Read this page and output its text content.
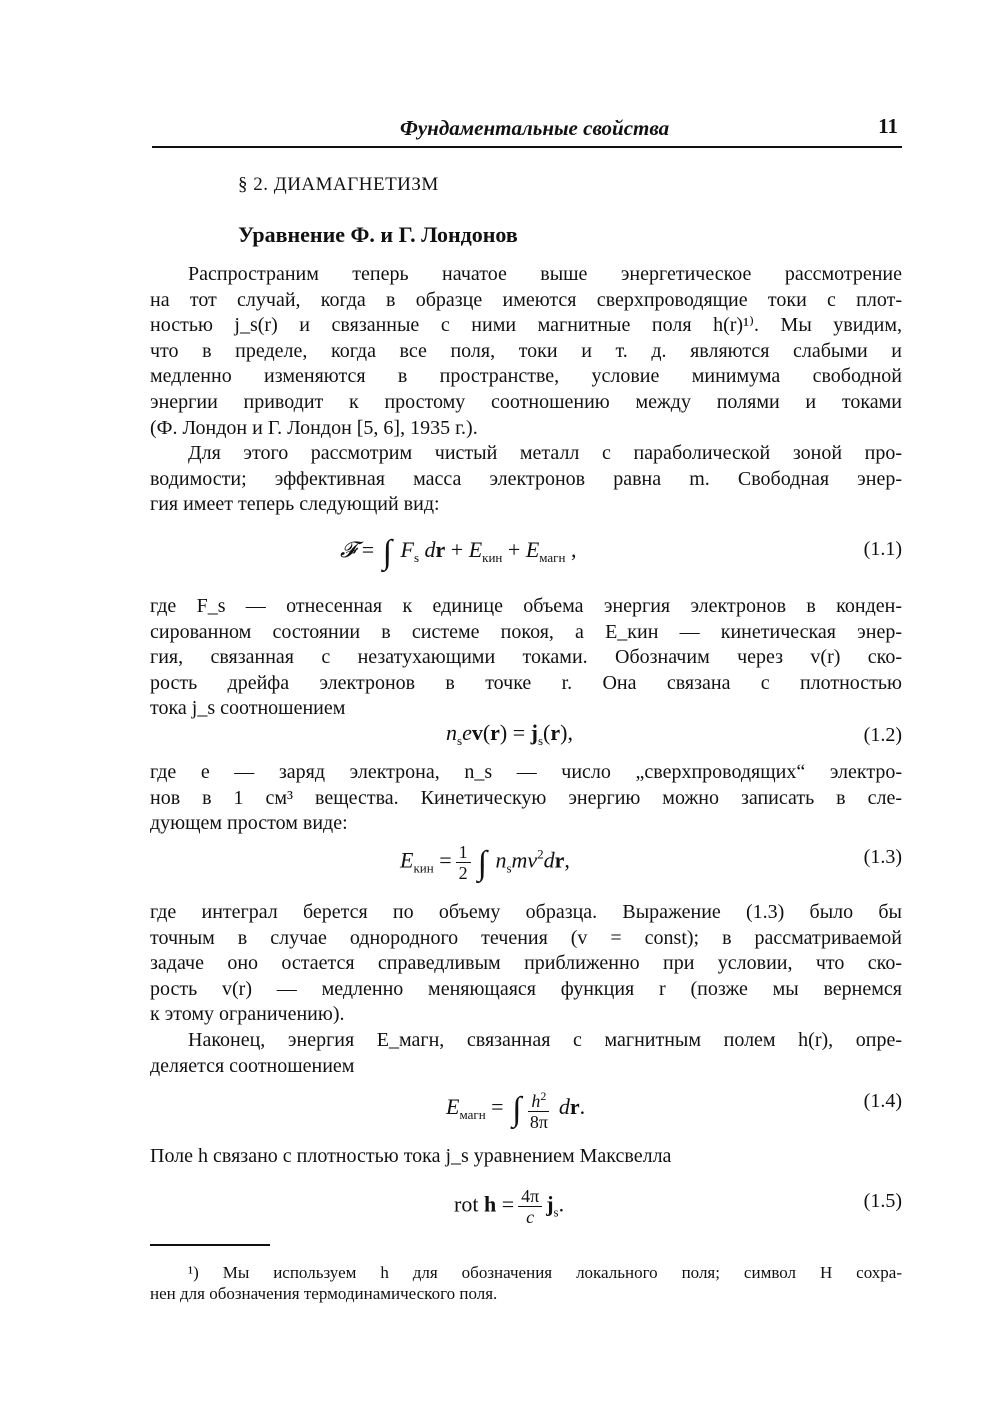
Фундаментальные свойства	11
§ 2. ДИАМАГНЕТИЗМ
Уравнение Ф. и Г. Лондонов
Распространим теперь начатое выше энергетическое рассмотрение
на тот случай, когда в образце имеются сверхпроводящие токи с плот-
ностью j_s(r) и связанные с ними магнитные поля h(r)¹⁾. Мы увидим,
что в пределе, когда все поля, токи и т. д. являются слабыми и
медленно изменяются в пространстве, условие минимума свободной
энергии приводит к простому соотношению между полями и токами
(Ф. Лондон и Г. Лондон [5, 6], 1935 г.).
Для этого рассмотрим чистый металл с параболической зоной про-
водимости; эффективная масса электронов равна m. Свободная энер-
гия имеет теперь следующий вид:
𝓕 = ∫ $F_s$ dr + $E_{кин} + E_{магн}$ ,	(1.1)
где F_s — отнесенная к единице объема энергия электронов в конден-
сированном состоянии в системе покоя, а E_кин — кинетическая энер-
гия, связанная с незатухающими токами. Обозначим через v(r) ско-
рость дрейфа электронов в точке r. Она связана с плотностью
тока j_s соотношением
$n_sev(r) = j_s(r)$,	(1.2)
где e — заряд электрона, n_s — число „сверхпроводящих“ электро-
нов в 1 см³ вещества. Кинетическую энергию можно записать в сле-
дующем простом виде:
$E_{кин} = \frac{1}{2}$ ∫ $n_smv^2dr$,	(1.3)
где интеграл берется по объему образца. Выражение (1.3) было бы
точным в случае однородного течения (v = const); в рассматриваемой
задаче оно остается справедливым приближенно при условии, что ско-
рость v(r) — медленно меняющаяся функция r (позже мы вернемся
к этому ограничению).
Наконец, энергия E_магн, связанная с магнитным полем h(r), опре-
деляется соотношением
$E_{магн}$ = ∫ $\frac{h^2}{8\pi}$ dr.	(1.4)
Поле h связано с плотностью тока j_s уравнением Максвелла
rot $h = \frac{4\pi}{c} j_s$.	(1.5)
¹) Мы используем h для обозначения локального поля; символ H сохра-
нен для обозначения термодинамического поля.
